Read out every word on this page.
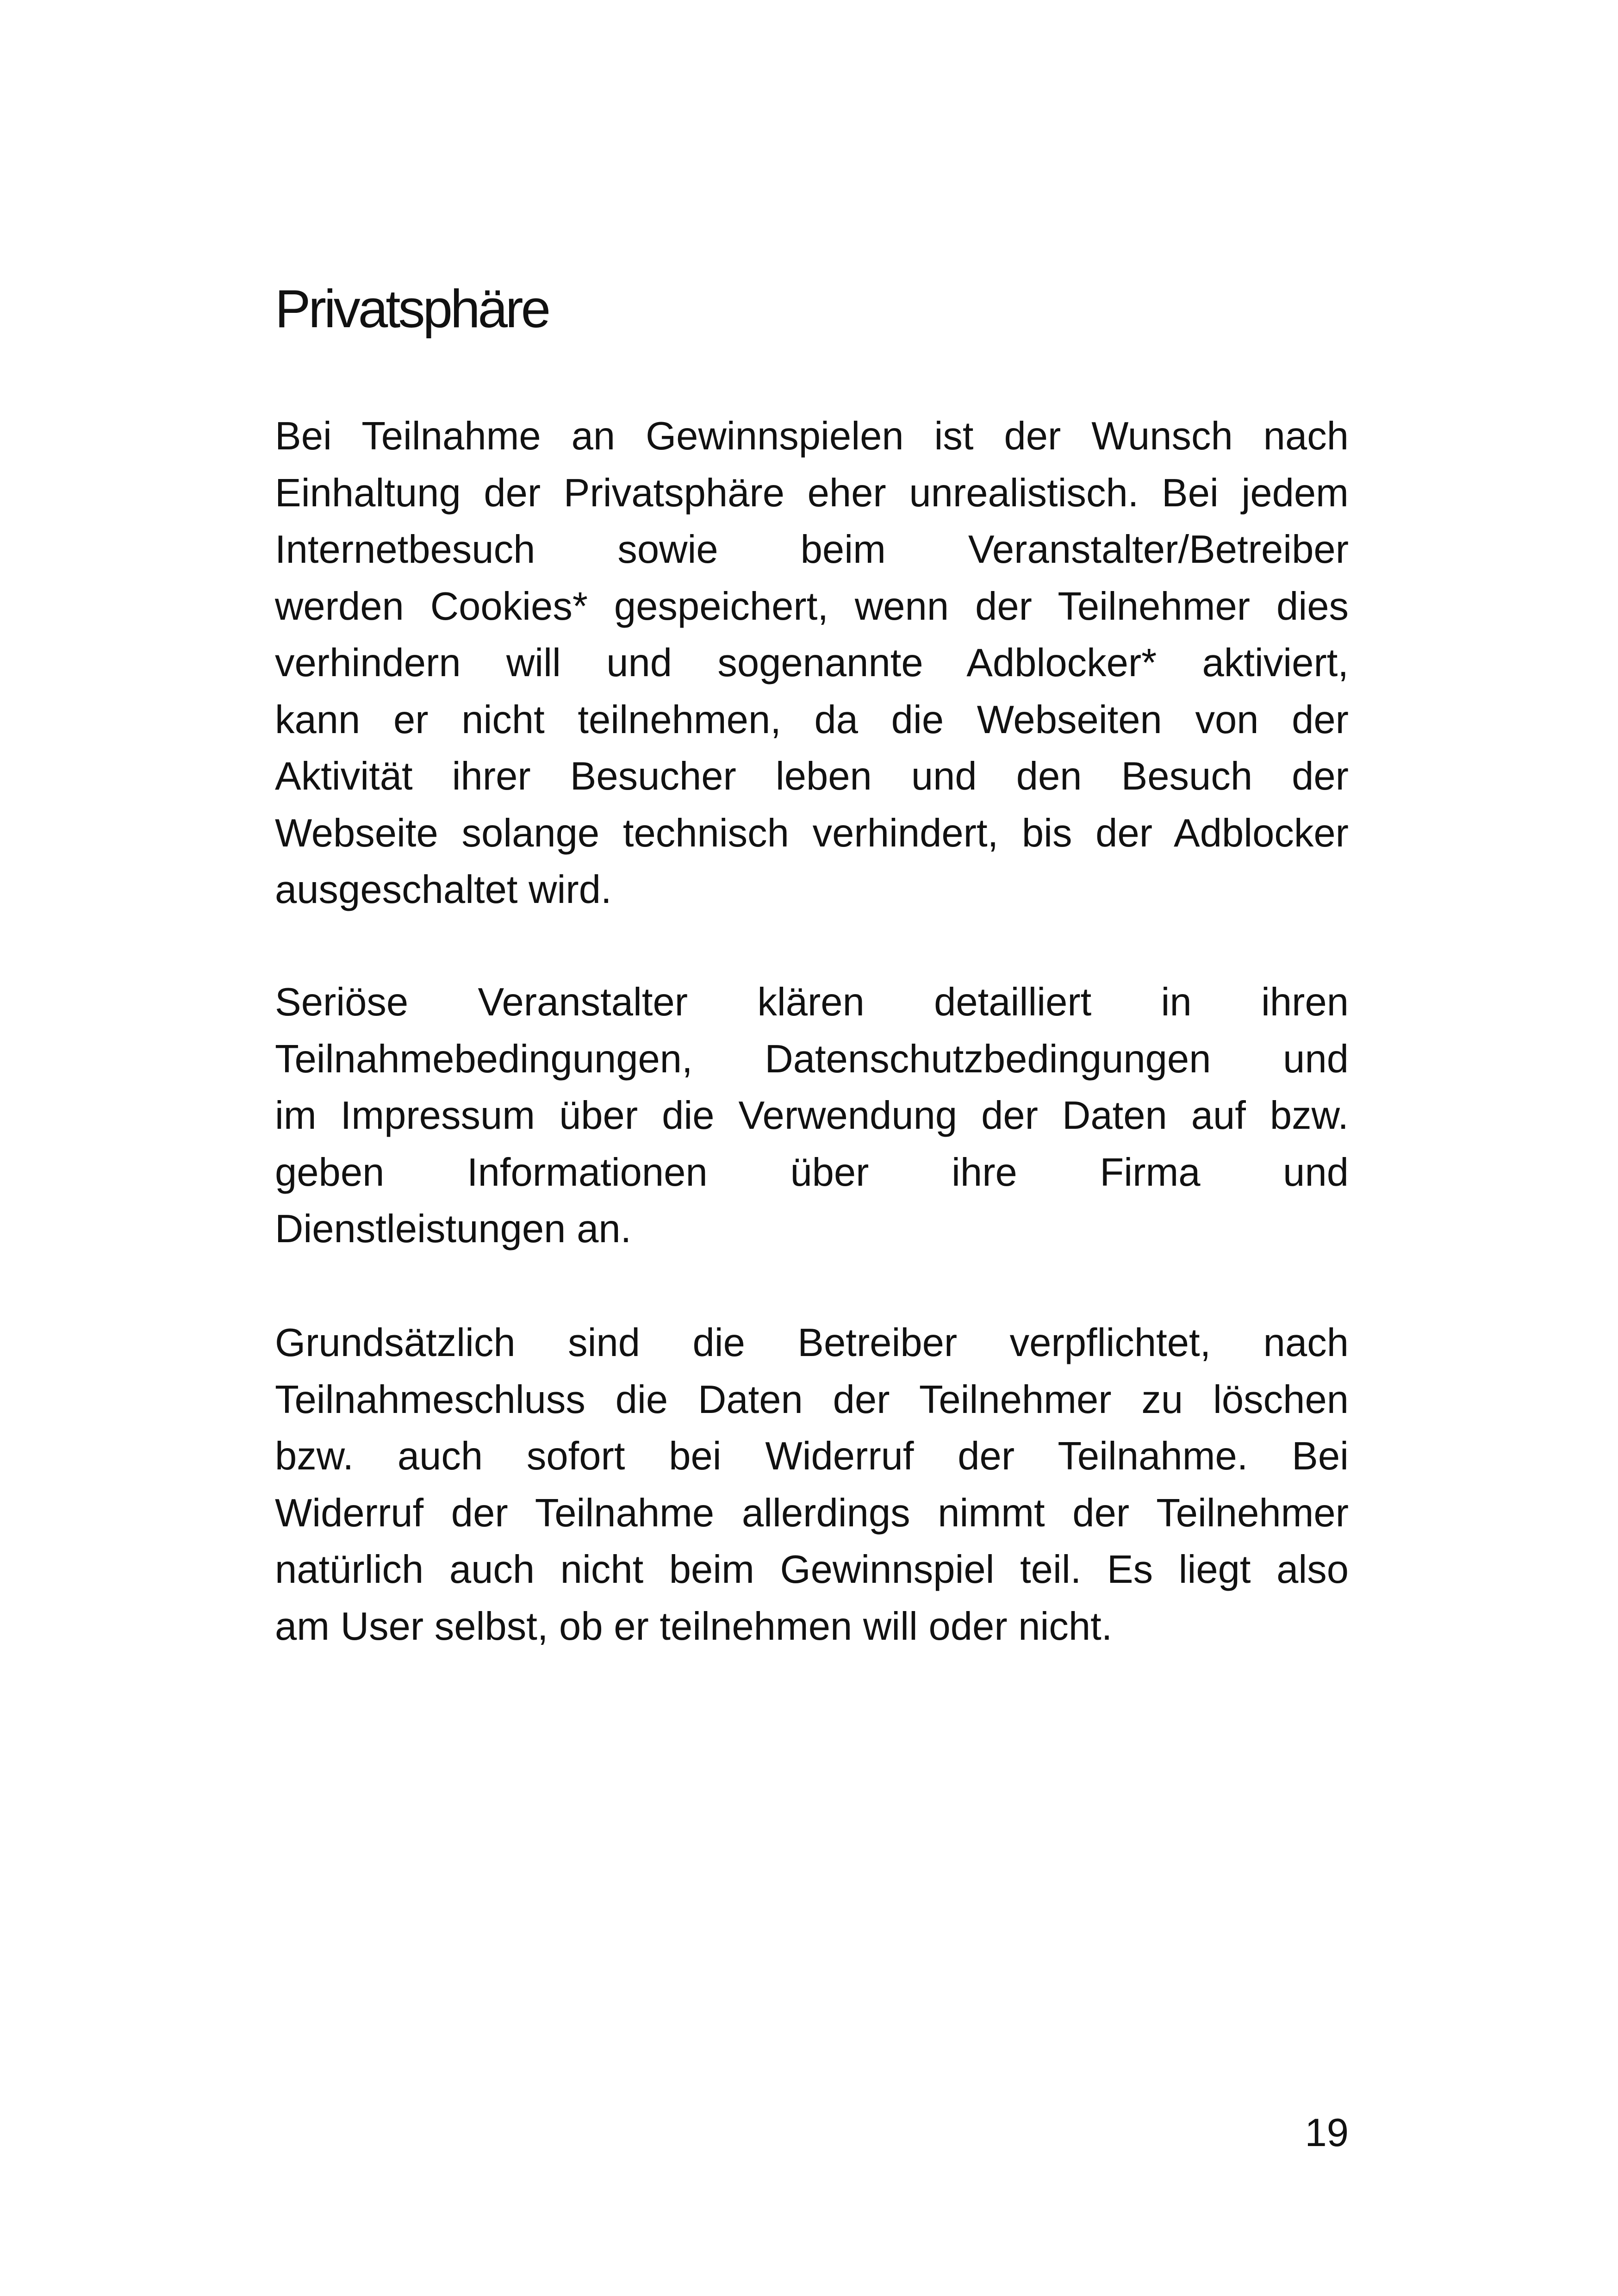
Privatsphäre
Bei Teilnahme an Gewinnspielen ist der Wunsch nach
Einhaltung der Privatsphäre eher unrealistisch. Bei jedem
Internetbesuch sowie beim Veranstalter/Betreiber
werden Cookies* gespeichert, wenn der Teilnehmer dies
verhindern will und sogenannte Adblocker* aktiviert,
kann er nicht teilnehmen, da die Webseiten von der
Aktivität ihrer Besucher leben und den Besuch der
Webseite solange technisch verhindert, bis der Adblocker
ausgeschaltet wird.
Seriöse Veranstalter klären detailliert in ihren
Teilnahmebedingungen, Datenschutzbedingungen und
im Impressum über die Verwendung der Daten auf bzw.
geben Informationen über ihre Firma und
Dienstleistungen an.
Grundsätzlich sind die Betreiber verpflichtet, nach
Teilnahmeschluss die Daten der Teilnehmer zu löschen
bzw. auch sofort bei Widerruf der Teilnahme. Bei
Widerruf der Teilnahme allerdings nimmt der Teilnehmer
natürlich auch nicht beim Gewinnspiel teil. Es liegt also
am User selbst, ob er teilnehmen will oder nicht.
19
